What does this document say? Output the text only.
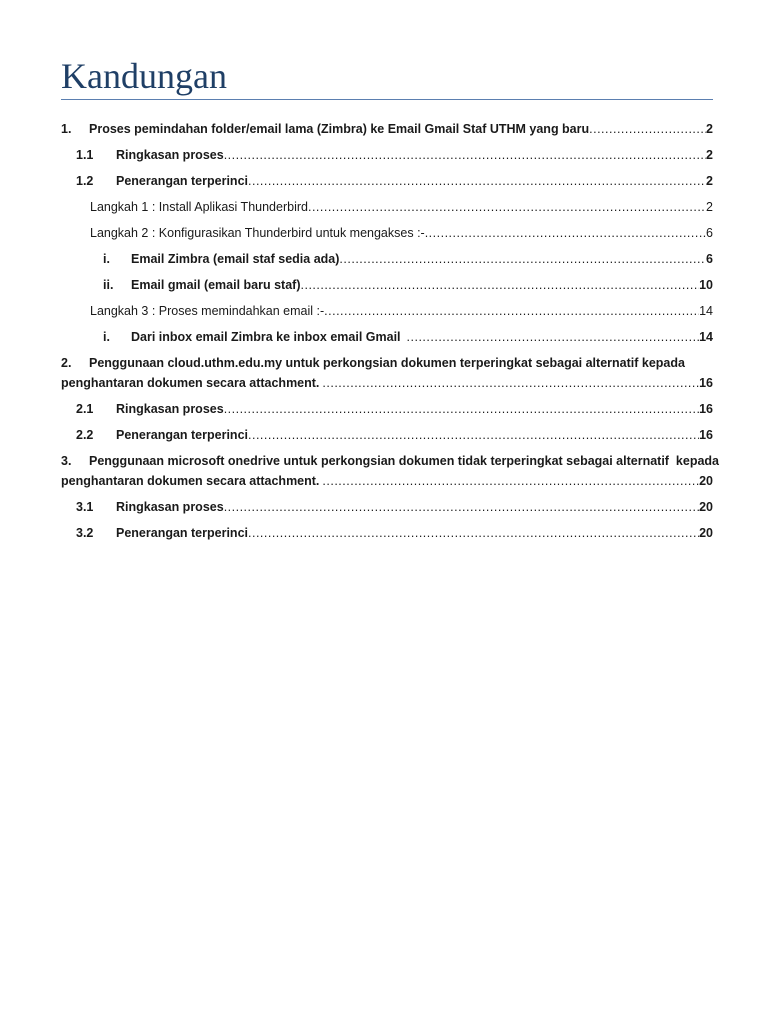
Kandungan
1.	Proses pemindahan folder/email lama (Zimbra) ke Email Gmail Staf UTHM yang baru .....	2
1.1	Ringkasan proses .....	2
1.2	Penerangan terperinci .....	2
Langkah 1 : Install Aplikasi Thunderbird .....	2
Langkah 2 : Konfigurasikan Thunderbird untuk mengakses :- .....	6
i.	Email Zimbra (email staf sedia ada) .....	6
ii.	Email gmail (email baru staf) .....	10
Langkah 3 : Proses memindahkan email :- .....	14
i.	Dari inbox email Zimbra ke inbox email Gmail .....	14
2.	Penggunaan cloud.uthm.edu.my untuk perkongsian dokumen terperingkat sebagai alternatif kepada
penghantaran dokumen secara attachment. .....	16
2.1	Ringkasan proses .....	16
2.2	Penerangan terperinci .....	16
3.	Penggunaan microsoft onedrive untuk perkongsian dokumen tidak terperingkat sebagai alternatif  kepada
penghantaran dokumen secara attachment. .....	20
3.1	Ringkasan proses .....	20
3.2	Penerangan terperinci .....	20
